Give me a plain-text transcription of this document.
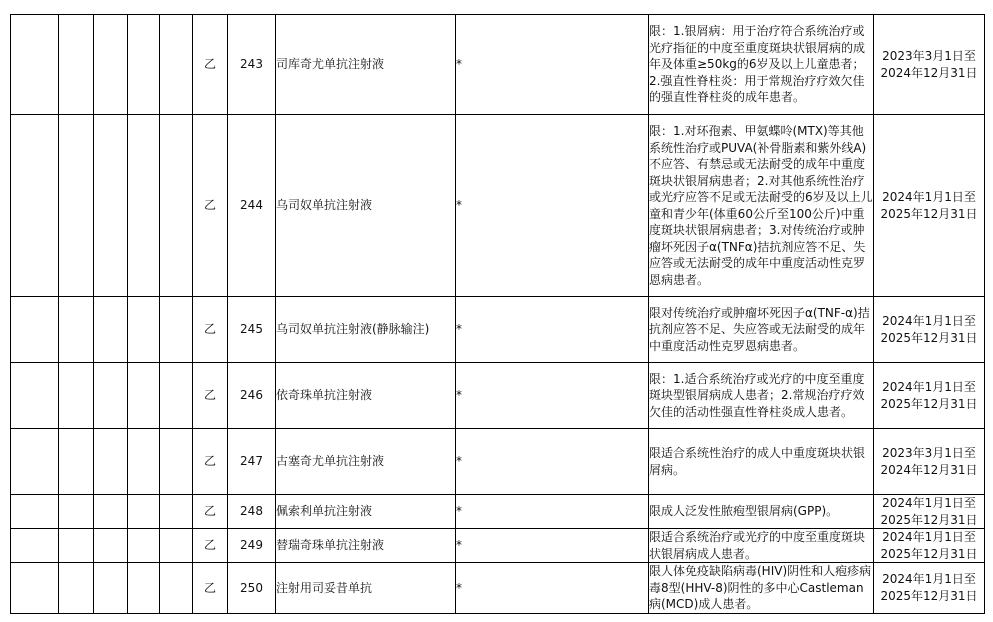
					乙	243	司库奇尤单抗注射液	*	限：1.银屑病：用于治疗符合系统治疗或光疗指征的中度至重度斑块状银屑病的成年及体重≥50kg的6岁及以上儿童患者；2.强直性脊柱炎：用于常规治疗疗效欠佳的强直性脊柱炎的成年患者。	2023年3月1日至
2024年12月31日

					乙	244	乌司奴单抗注射液	*	限：1.对环孢素、甲氨蝶呤(MTX)等其他系统性治疗或PUVA(补骨脂素和紫外线A)不应答、有禁忌或无法耐受的成年中重度斑块状银屑病患者；2.对其他系统性治疗或光疗应答不足或无法耐受的6岁及以上儿童和青少年(体重60公斤至100公斤)中重度斑块状银屑病患者；3.对传统治疗或肿瘤坏死因子α(TNFα)拮抗剂应答不足、失应答或无法耐受的成年中重度活动性克罗恩病患者。	2024年1月1日至
2025年12月31日

					乙	245	乌司奴单抗注射液(静脉输注)	*	限对传统治疗或肿瘤坏死因子α(TNF-α)拮抗剂应答不足、失应答或无法耐受的成年中重度活动性克罗恩病患者。	2024年1月1日至
2025年12月31日

					乙	246	依奇珠单抗注射液	*	限：1.适合系统治疗或光疗的中度至重度斑块型银屑病成人患者；2.常规治疗疗效欠佳的活动性强直性脊柱炎成人患者。	2024年1月1日至
2025年12月31日

					乙	247	古塞奇尤单抗注射液	*	限适合系统性治疗的成人中重度斑块状银屑病。	2023年3月1日至
2024年12月31日

					乙	248	佩索利单抗注射液	*	限成人泛发性脓疱型银屑病(GPP)。	2024年1月1日至
2025年12月31日

					乙	249	替瑞奇珠单抗注射液	*	限适合系统治疗或光疗的中度至重度斑块状银屑病成人患者。	2024年1月1日至
2025年12月31日

					乙	250	注射用司妥昔单抗	*	限人体免疫缺陷病毒(HIV)阴性和人疱疹病毒8型(HHV-8)阴性的多中心Castleman病(MCD)成人患者。	2024年1月1日至
2025年12月31日
